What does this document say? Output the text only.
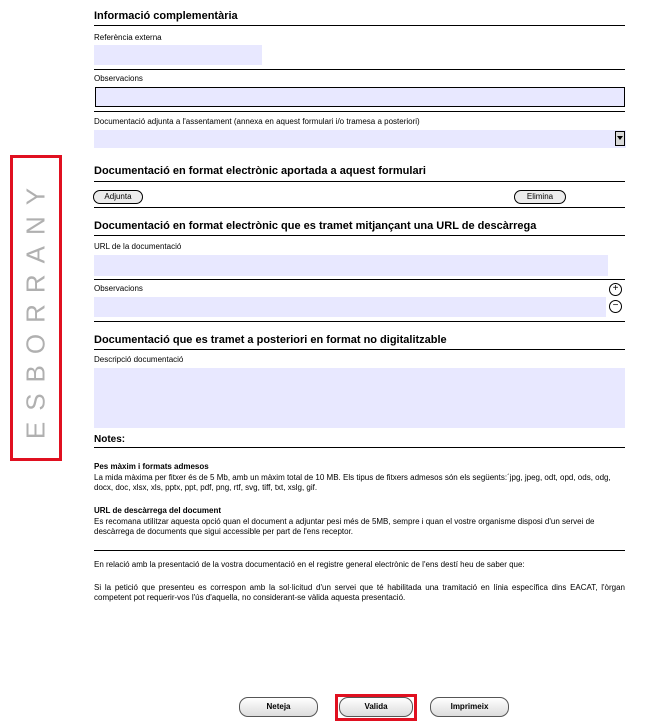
ESBORRANY
Informació complementària
Referència externa
Observacions
Documentació adjunta a l'assentament (annexa en aquest formulari i/o tramesa a posteriori)
Documentació en format electrònic aportada a aquest formulari
Adjunta	Elimina
Documentació en format electrònic que es tramet mitjançant una URL de descàrrega
URL de la documentació
Observacions	+
−
Documentació que es tramet a posteriori en format no digitalitzable
Descripció documentació
Notes:
Pes màxim i formats admesos
La mida màxima per fitxer és de 5 Mb, amb un màxim total de 10 MB. Els tipus de fitxers admesos són els següents:´jpg, jpeg, odt, opd, ods, odg, docx, doc, xlsx, xls, pptx, ppt, pdf, png, rtf, svg, tiff, txt, xslg, gif.
URL de descàrrega del document
Es recomana utilitzar aquesta opció quan el document a adjuntar pesi més de 5MB, sempre i quan el vostre organisme disposi d'un servei de descàrrega de documents que sigui accessible per part de l'ens receptor.
En relació amb la presentació de la vostra documentació en el registre general electrònic de l'ens destí heu de saber que:
Si la petició que presenteu es correspon amb la sol·licitud d'un servei que té habilitada una tramitació en línia específica dins EACAT, l'òrgan competent pot requerir-vos l'ús d'aquella, no considerant-se vàlida aquesta presentació.
Neteja	Valida	Imprimeix
